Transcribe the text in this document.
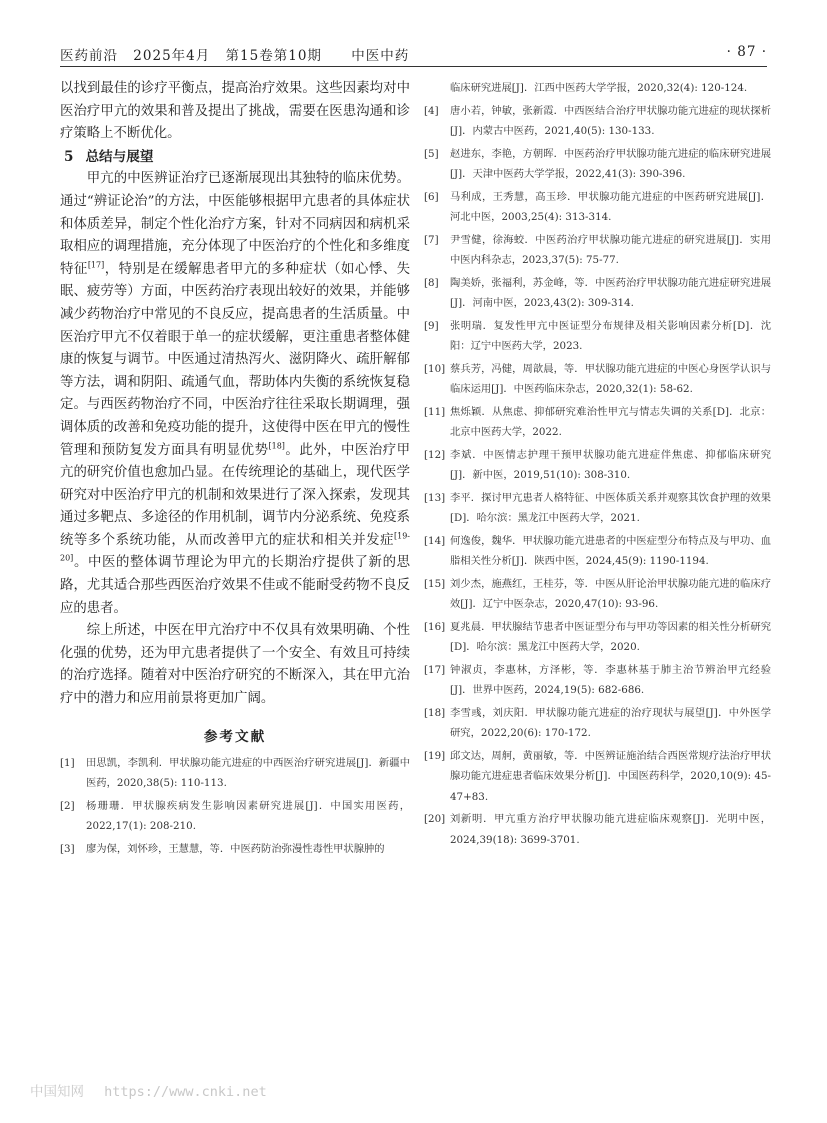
医药前沿 2025年4月 第15卷第10期 中医中药	· 87 ·

以找到最佳的诊疗平衡点，提高治疗效果。这些因素均对中医治疗甲亢的效果和普及提出了挑战，需要在医患沟通和诊疗策略上不断优化。

5 总结与展望

甲亢的中医辨证治疗已逐渐展现出其独特的临床优势。通过“辨证论治”的方法，中医能够根据甲亢患者的具体症状和体质差异，制定个性化治疗方案，针对不同病因和病机采取相应的调理措施，充分体现了中医治疗的个性化和多维度特征[17]，特别是在缓解患者甲亢的多种症状（如心悸、失眠、疲劳等）方面，中医药治疗表现出较好的效果，并能够减少药物治疗中常见的不良反应，提高患者的生活质量。中医治疗甲亢不仅着眼于单一的症状缓解，更注重患者整体健康的恢复与调节。中医通过清热泻火、滋阴降火、疏肝解郁等方法，调和阴阳、疏通气血，帮助体内失衡的系统恢复稳定。与西医药物治疗不同，中医治疗往往采取长期调理，强调体质的改善和免疫功能的提升，这使得中医在甲亢的慢性管理和预防复发方面具有明显优势[18]。此外，中医治疗甲亢的研究价值也愈加凸显。在传统理论的基础上，现代医学研究对中医治疗甲亢的机制和效果进行了深入探索，发现其通过多靶点、多途径的作用机制，调节内分泌系统、免疫系统等多个系统功能，从而改善甲亢的症状和相关并发症[19-20]。中医的整体调节理论为甲亢的长期治疗提供了新的思路，尤其适合那些西医治疗效果不佳或不能耐受药物不良反应的患者。

综上所述，中医在甲亢治疗中不仅具有效果明确、个性化强的优势，还为甲亢患者提供了一个安全、有效且可持续的治疗选择。随着对中医治疗研究的不断深入，其在甲亢治疗中的潜力和应用前景将更加广阔。

参考文献

[1] 田思凯，李凯利．甲状腺功能亢进症的中西医治疗研究进展[J]．新疆中医药，2020,38(5): 110-113.

[2] 杨珊珊．甲状腺疾病发生影响因素研究进展[J]．中国实用医药，2022,17(1): 208-210.

[3] 廖为保，刘怀珍，王慧慧，等．中医药防治弥漫性毒性甲状腺肿的

临床研究进展[J]．江西中医药大学学报，2020,32(4): 120-124.

[4] 唐小若，钟敏，张新霞．中西医结合治疗甲状腺功能亢进症的现状探析[J]．内蒙古中医药，2021,40(5): 130-133.

[5] 赵进东，李艳，方朝晖．中医药治疗甲状腺功能亢进症的临床研究进展[J]．天津中医药大学学报，2022,41(3): 390-396.

[6] 马利成，王秀慧，高玉珍．甲状腺功能亢进症的中医药研究进展[J]．河北中医，2003,25(4): 313-314.

[7] 尹雪健，徐海蛟．中医药治疗甲状腺功能亢进症的研究进展[J]．实用中医内科杂志，2023,37(5): 75-77.

[8] 陶美娇，张福利，苏金峰，等．中医药治疗甲状腺功能亢进症研究进展[J]．河南中医，2023,43(2): 309-314.

[9] 张明瑞．复发性甲亢中医证型分布规律及相关影响因素分析[D]．沈阳：辽宁中医药大学，2023.

[10] 蔡兵芳，冯健，周歆晨，等．甲状腺功能亢进症的中医心身医学认识与临床运用[J]．中医药临床杂志，2020,32(1): 58-62.

[11] 焦烁颖．从焦虑、抑郁研究难治性甲亢与情志失调的关系[D]．北京：北京中医药大学，2022.

[12] 李斌．中医情志护理干预甲状腺功能亢进症伴焦虑、抑郁临床研究[J]．新中医，2019,51(10): 308-310.

[13] 李平．探讨甲亢患者人格特征、中医体质关系并观察其饮食护理的效果[D]．哈尔滨：黑龙江中医药大学，2021.

[14] 何逸俊，魏华．甲状腺功能亢进患者的中医症型分布特点及与甲功、血脂相关性分析[J]．陕西中医，2024,45(9): 1190-1194.

[15] 刘少杰，施燕红，王桂芬，等．中医从肝论治甲状腺功能亢进的临床疗效[J]．辽宁中医杂志，2020,47(10): 93-96.

[16] 夏兆晨．甲状腺结节患者中医证型分布与甲功等因素的相关性分析研究[D]．哈尔滨：黑龙江中医药大学，2020.

[17] 钟淑贞，李惠林，方泽彬，等．李惠林基于肺主治节辨治甲亢经验[J]．世界中医药，2024,19(5): 682-686.

[18] 李雪彧，刘庆阳．甲状腺功能亢进症的治疗现状与展望[J]．中外医学研究，2022,20(6): 170-172.

[19] 邱文达，周舸，黄丽敏，等．中医辨证施治结合西医常规疗法治疗甲状腺功能亢进症患者临床效果分析[J]．中国医药科学，2020,10(9): 45-47+83.

[20] 刘新明．甲亢重方治疗甲状腺功能亢进症临床观察[J]．光明中医，2024,39(18): 3699-3701.

中国知网 https://www.cnki.net
